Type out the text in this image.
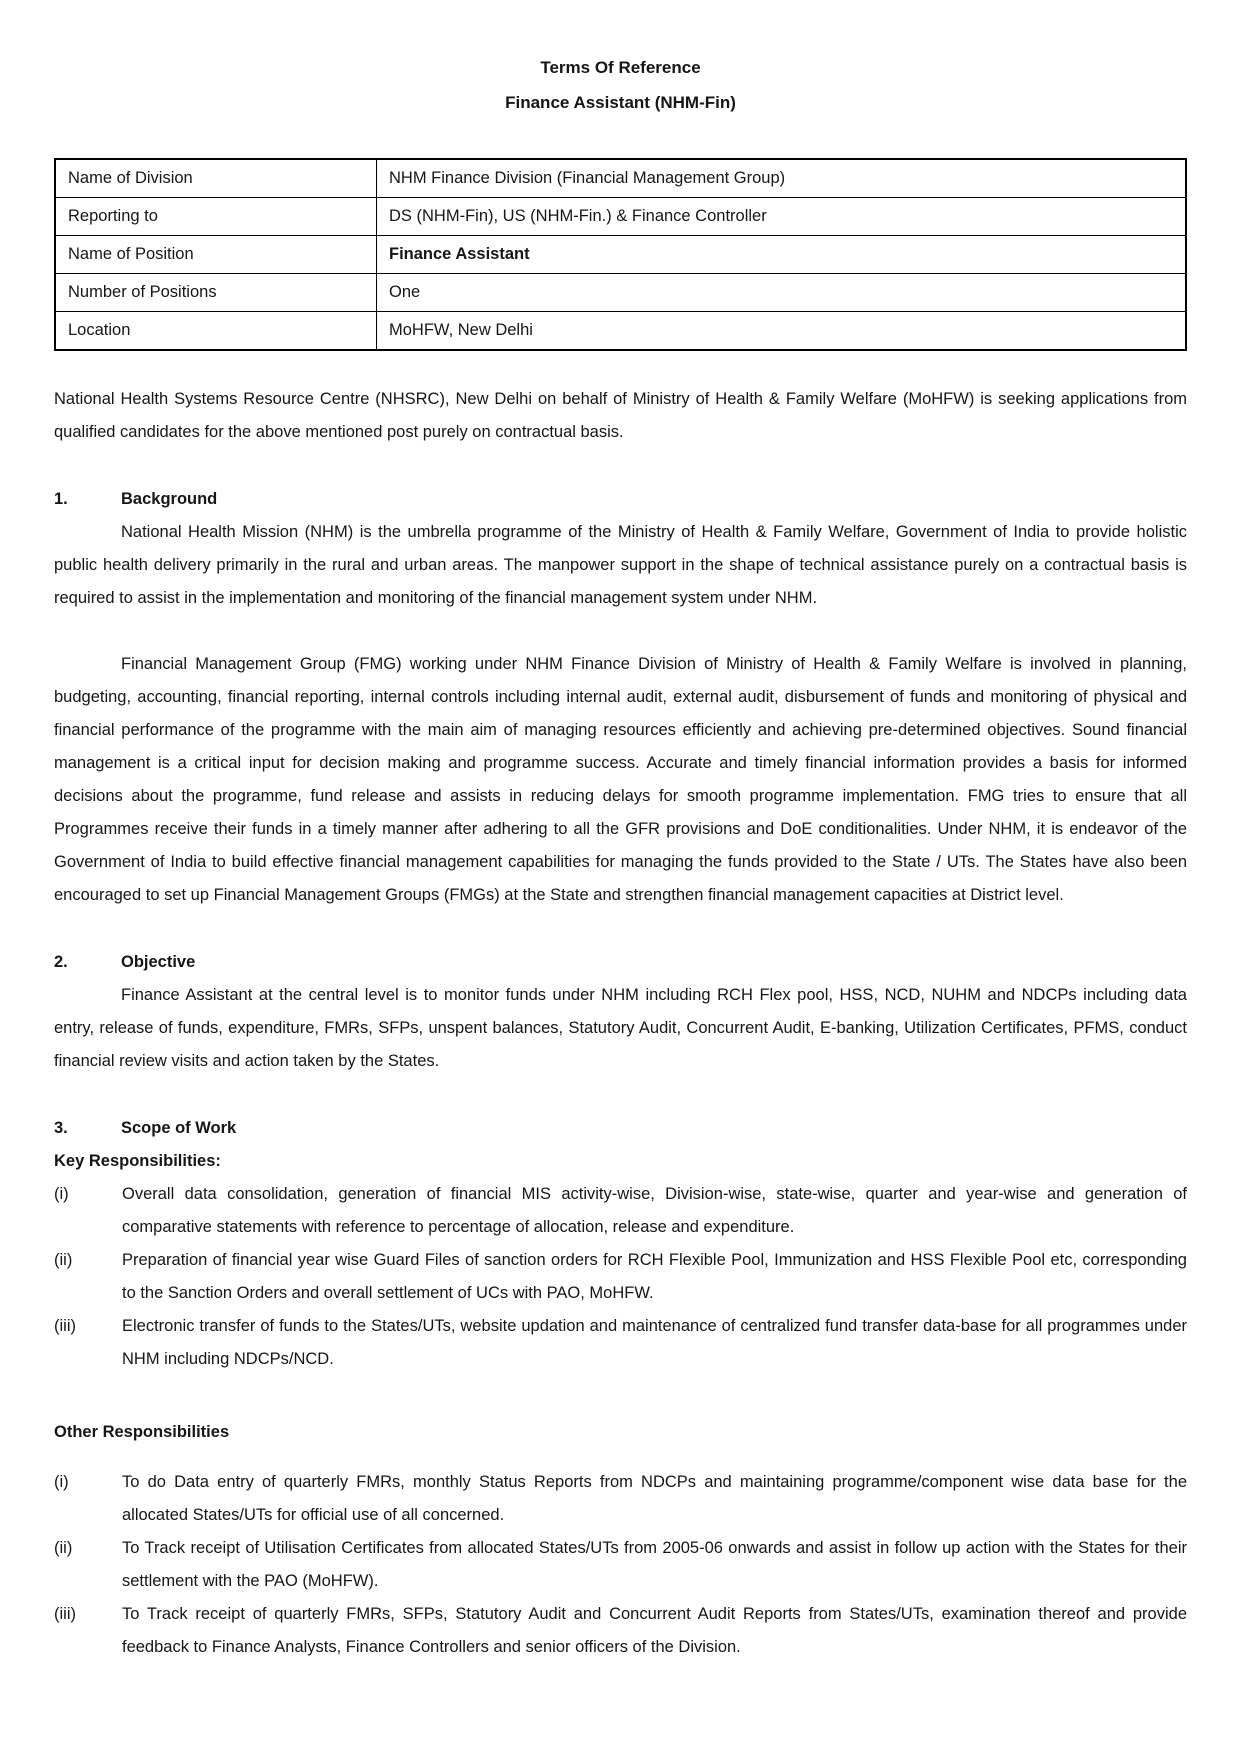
Terms Of Reference
Finance Assistant (NHM-Fin)
Name of Division	NHM Finance Division (Financial Management Group)
Reporting to	DS (NHM-Fin), US (NHM-Fin.) & Finance Controller
Name of Position	Finance Assistant
Number of Positions	One
Location	MoHFW, New Delhi

National Health Systems Resource Centre (NHSRC), New Delhi on behalf of Ministry of Health & Family Welfare (MoHFW) is seeking applications from qualified candidates for the above mentioned post purely on contractual basis.

1.	Background

National Health Mission (NHM) is the umbrella programme of the Ministry of Health & Family Welfare, Government of India to provide holistic public health delivery primarily in the rural and urban areas. The manpower support in the shape of technical assistance purely on a contractual basis is required to assist in the implementation and monitoring of the financial management system under NHM.

Financial Management Group (FMG) working under NHM Finance Division of Ministry of Health & Family Welfare is involved in planning, budgeting, accounting, financial reporting, internal controls including internal audit, external audit, disbursement of funds and monitoring of physical and financial performance of the programme with the main aim of managing resources efficiently and achieving pre-determined objectives. Sound financial management is a critical input for decision making and programme success. Accurate and timely financial information provides a basis for informed decisions about the programme, fund release and assists in reducing delays for smooth programme implementation. FMG tries to ensure that all Programmes receive their funds in a timely manner after adhering to all the GFR provisions and DoE conditionalities. Under NHM, it is endeavor of the Government of India to build effective financial management capabilities for managing the funds provided to the State / UTs. The States have also been encouraged to set up Financial Management Groups (FMGs) at the State and strengthen financial management capacities at District level.

2.	Objective

Finance Assistant at the central level is to monitor funds under NHM including RCH Flex pool, HSS, NCD, NUHM and NDCPs including data entry, release of funds, expenditure, FMRs, SFPs, unspent balances, Statutory Audit, Concurrent Audit, E-banking, Utilization Certificates, PFMS, conduct financial review visits and action taken by the States.

3.	Scope of Work
Key Responsibilities:
(i)	Overall data consolidation, generation of financial MIS activity-wise, Division-wise, state-wise, quarter and year-wise and generation of comparative statements with reference to percentage of allocation, release and expenditure.
(ii)	Preparation of financial year wise Guard Files of sanction orders for RCH Flexible Pool, Immunization and HSS Flexible Pool etc, corresponding to the Sanction Orders and overall settlement of UCs with PAO, MoHFW.
(iii)	Electronic transfer of funds to the States/UTs, website updation and maintenance of centralized fund transfer data-base for all programmes under NHM including NDCPs/NCD.
Other Responsibilities
(i)	To do Data entry of quarterly FMRs, monthly Status Reports from NDCPs and maintaining programme/component wise data base for the allocated States/UTs for official use of all concerned.
(ii)	To Track receipt of Utilisation Certificates from allocated States/UTs from 2005-06 onwards and assist in follow up action with the States for their settlement with the PAO (MoHFW).
(iii)	To Track receipt of quarterly FMRs, SFPs, Statutory Audit and Concurrent Audit Reports from States/UTs, examination thereof and provide feedback to Finance Analysts, Finance Controllers and senior officers of the Division.
